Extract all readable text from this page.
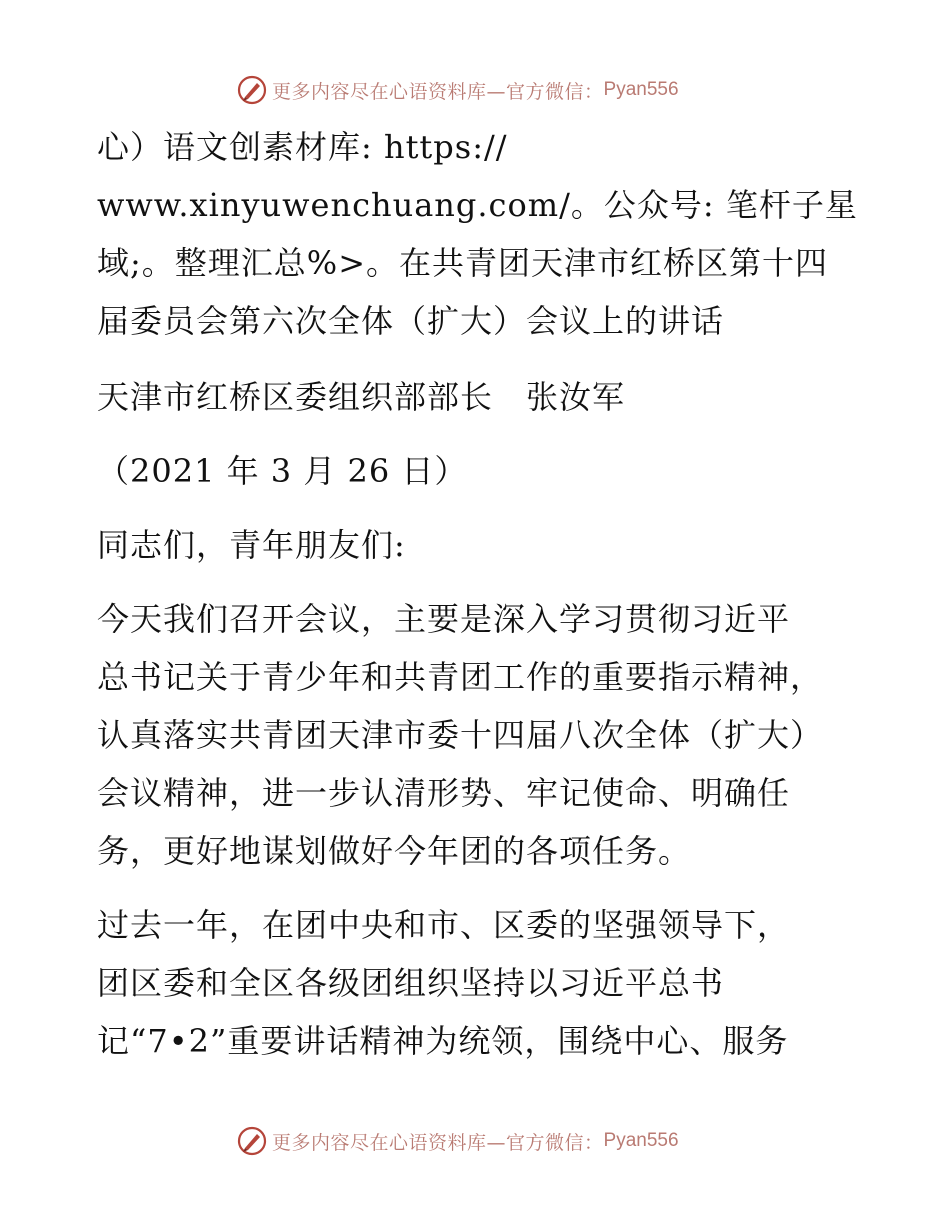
更多内容尽在心语资料库—官方微信： Pyan556

心）语文创素材库: https://
www.xinyuwenchuang.com/。公众号: 笔杆子星
域;。整理汇总%>。在共青团天津市红桥区第十四
届委员会第六次全体（扩大）会议上的讲话

天津市红桥区委组织部部长　张汝军

（2021 年 3 月 26 日）

同志们，青年朋友们:

今天我们召开会议，主要是深入学习贯彻习近平
总书记关于青少年和共青团工作的重要指示精神，
认真落实共青团天津市委十四届八次全体（扩大）
会议精神，进一步认清形势、牢记使命、明确任
务，更好地谋划做好今年团的各项任务。

过去一年，在团中央和市、区委的坚强领导下，
团区委和全区各级团组织坚持以习近平总书
记“7•2”重要讲话精神为统领，围绕中心、服务

更多内容尽在心语资料库—官方微信： Pyan556
